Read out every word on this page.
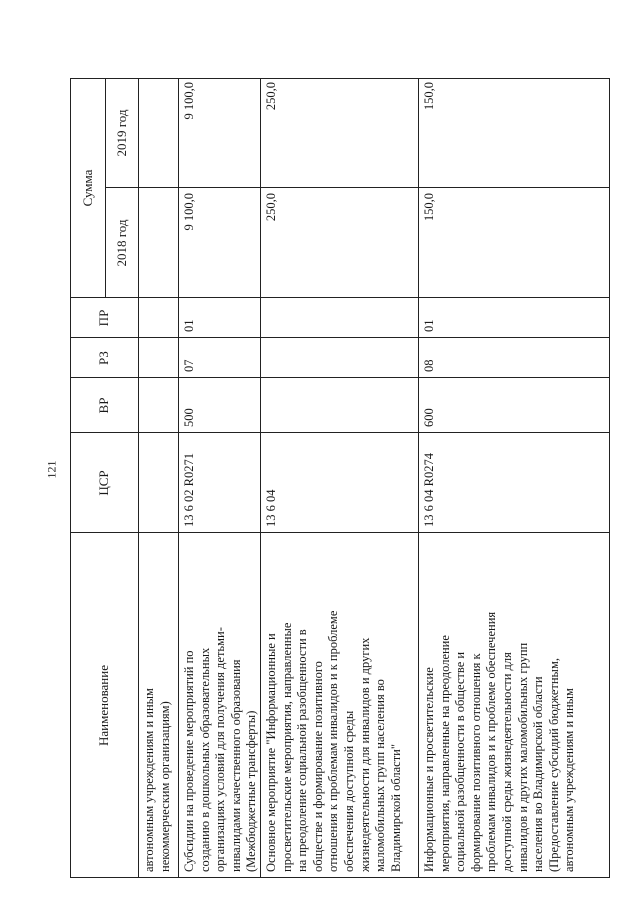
121
Наименование
ЦСР
ВР
РЗ
ПР
Сумма
2018 год
2019 год
автономным учреждениям и иным
некоммерческим организациям)
Субсидии на проведение мероприятий по
созданию в дошкольных образовательных
организациях условий для получения детьми-
инвалидами качественного образования
(Межбюджетные трансферты)
13 6 02 R0271
500
07
01
9 100,0
9 100,0
Основное мероприятие "Информационные и
просветительские мероприятия, направленные
на преодоление социальной разобщенности в
обществе и формирование позитивного
отношения к проблемам инвалидов и к проблеме
обеспечения доступной среды
жизнедеятельности для инвалидов и других
маломобильных групп населения во
Владимирской области"
13 6 04
250,0
250,0
Информационные и просветительские
мероприятия, направленные на преодоление
социальной разобщенности в обществе и
формирование позитивного отношения к
проблемам инвалидов и к проблеме обеспечения
доступной среды жизнедеятельности для
инвалидов и других маломобильных групп
населения во Владимирской области
(Предоставление субсидий бюджетным,
автономным учреждениям и иным
13 6 04 R0274
600
08
01
150,0
150,0
